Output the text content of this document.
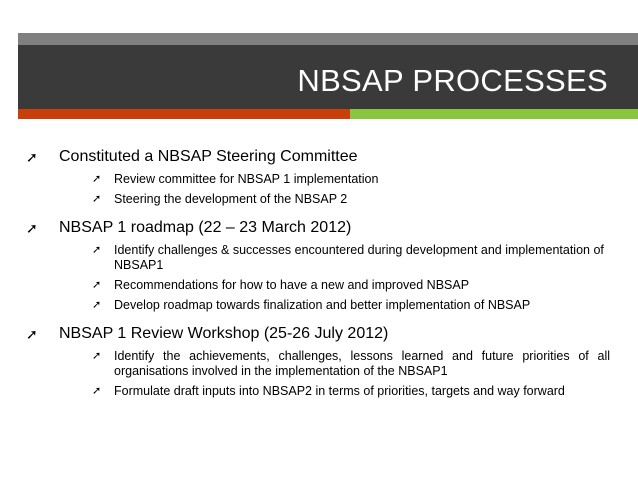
NBSAP PROCESSES
➚	Constituted a NBSAP Steering Committee
➚	Review committee for NBSAP 1 implementation
➚	Steering the development of the NBSAP 2
➚	NBSAP 1 roadmap (22 – 23 March 2012)
➚	Identify challenges & successes encountered during development and implementation of NBSAP1
➚	Recommendations for how to have a new and improved NBSAP
➚	Develop roadmap towards finalization and better implementation of NBSAP
➚	NBSAP 1 Review Workshop (25-26 July 2012)
➚	Identify the achievements, challenges, lessons learned and future priorities of all organisations involved in the implementation of the NBSAP1
➚	Formulate draft inputs into NBSAP2 in terms of priorities, targets and way forward
